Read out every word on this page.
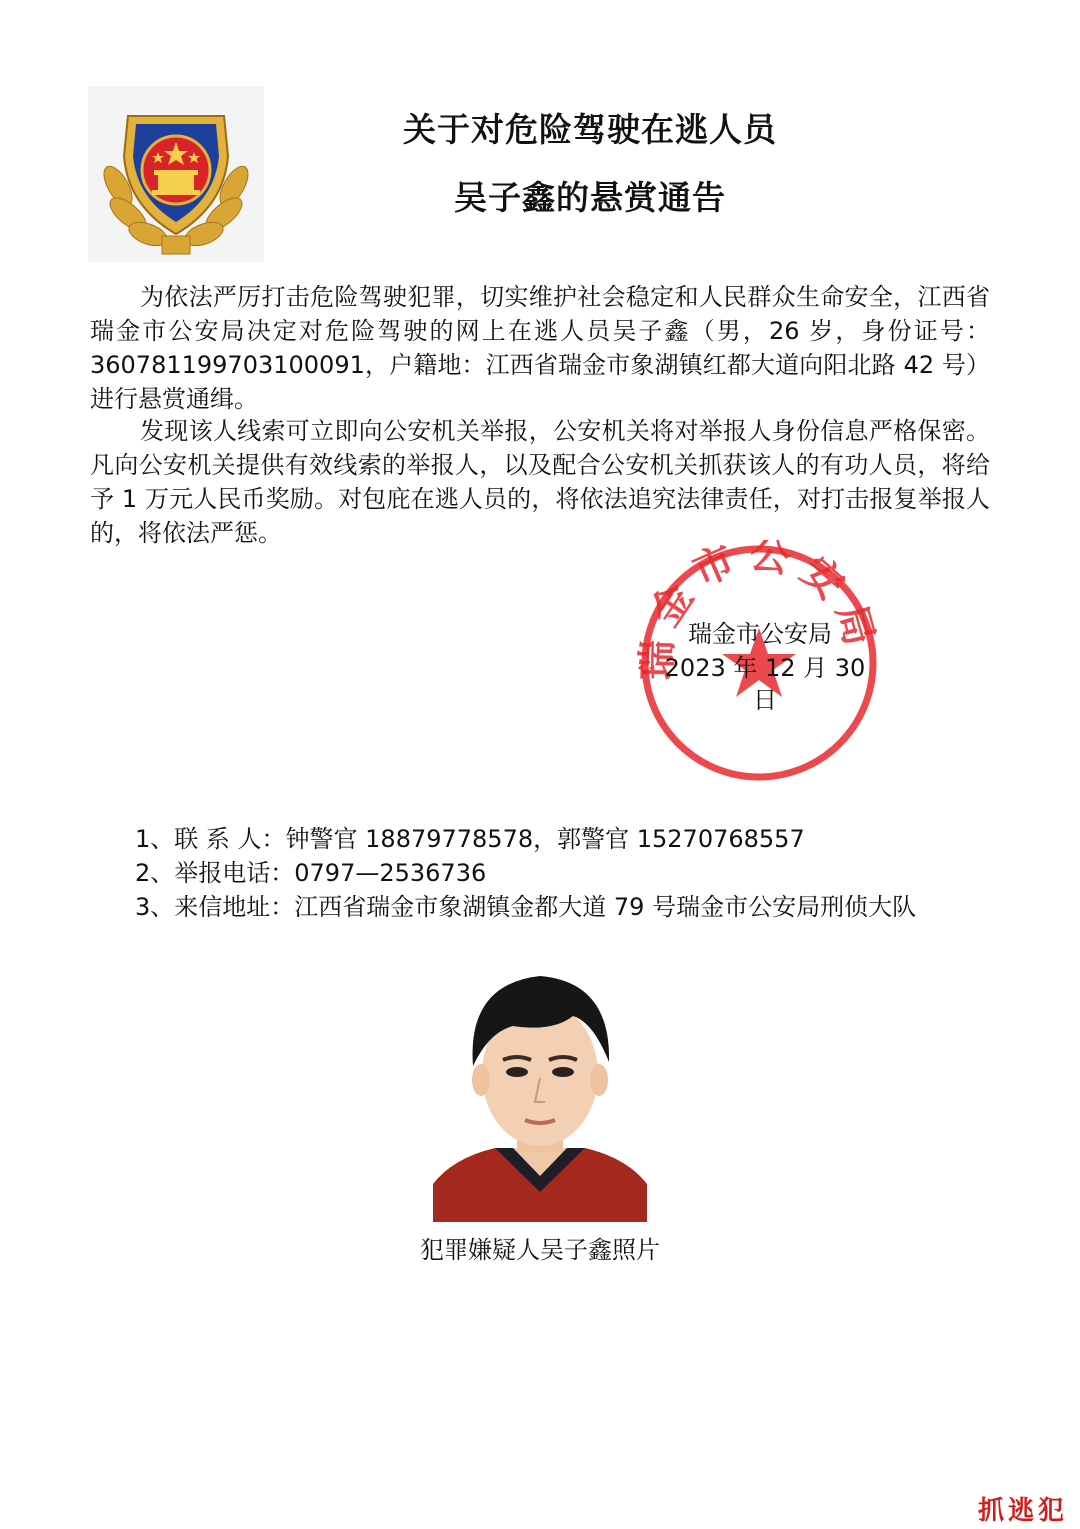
关于对危险驾驶在逃人员
吴子鑫的悬赏通告

为依法严厉打击危险驾驶犯罪，切实维护社会稳定和人民群众生命安全，江西省瑞金市公安局决定对危险驾驶的网上在逃人员吴子鑫（男，26 岁，身份证号：360781199703100091，户籍地：江西省瑞金市象湖镇红都大道向阳北路 42 号）进行悬赏通缉。

发现该人线索可立即向公安机关举报，公安机关将对举报人身份信息严格保密。凡向公安机关提供有效线索的举报人，以及配合公安机关抓获该人的有功人员，将给予 1 万元人民币奖励。对包庇在逃人员的，将依法追究法律责任，对打击报复举报人的，将依法严惩。

瑞金市公安局
瑞金市公安局
2023 年 12 月 30 日
1、联 系 人：钟警官 18879778578，郭警官 15270768557
2、举报电话：0797—2536736
3、来信地址：江西省瑞金市象湖镇金都大道 79 号瑞金市公安局刑侦大队
犯罪嫌疑人吴子鑫照片
抓逃犯
